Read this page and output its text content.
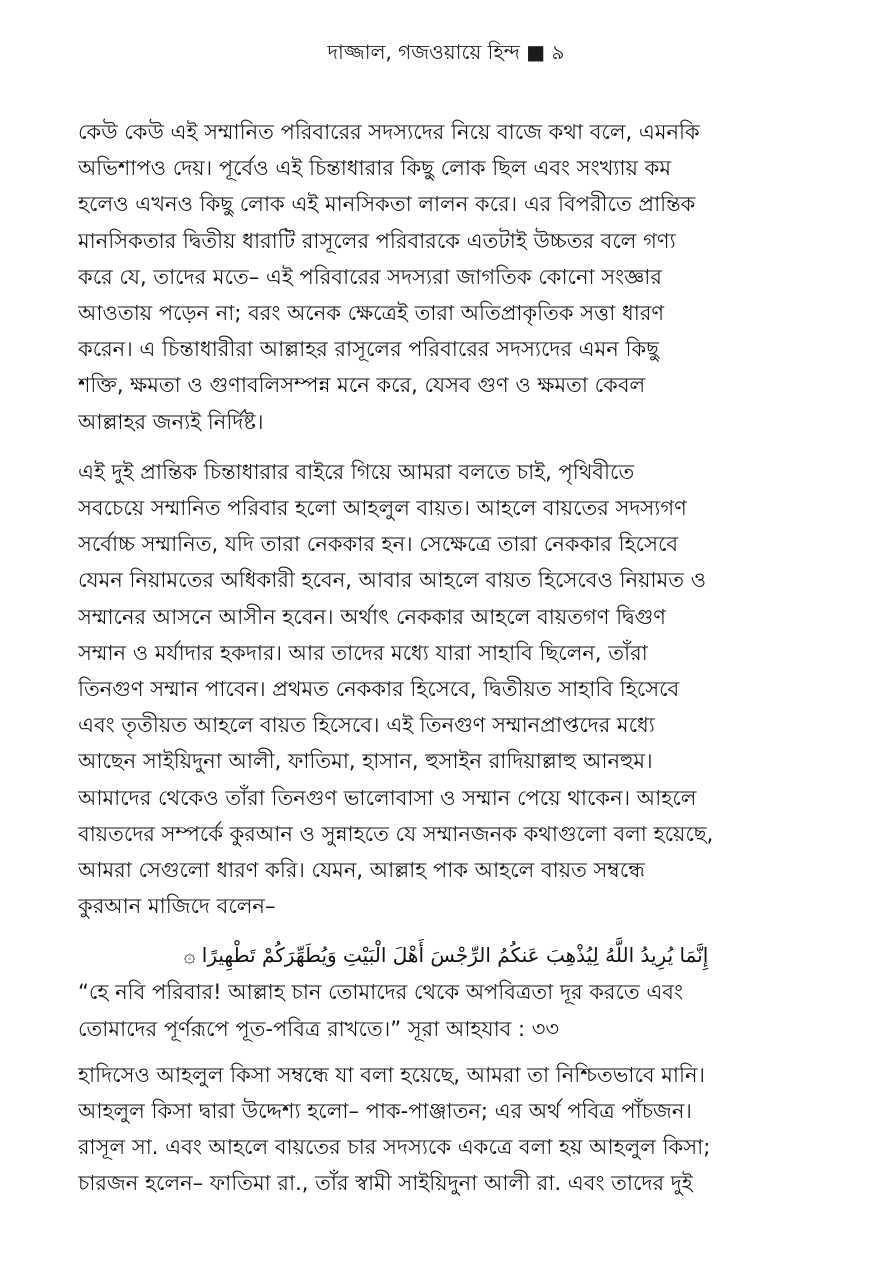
দাজ্জাল, গজওয়ায়ে হিন্দ ■ ৯
কেউ কেউ এই সম্মানিত পরিবারের সদস্যদের নিয়ে বাজে কথা বলে, এমনকি
অভিশাপও দেয়। পূর্বেও এই চিন্তাধারার কিছু লোক ছিল এবং সংখ্যায় কম
হলেও এখনও কিছু লোক এই মানসিকতা লালন করে। এর বিপরীতে প্রান্তিক
মানসিকতার দ্বিতীয় ধারাটি রাসূলের পরিবারকে এতটাই উচ্চতর বলে গণ্য
করে যে, তাদের মতে– এই পরিবারের সদস্যরা জাগতিক কোনো সংজ্ঞার
আওতায় পড়েন না; বরং অনেক ক্ষেত্রেই তারা অতিপ্রাকৃতিক সত্তা ধারণ
করেন। এ চিন্তাধারীরা আল্লাহর রাসূলের পরিবারের সদস্যদের এমন কিছু
শক্তি, ক্ষমতা ও গুণাবলিসম্পন্ন মনে করে, যেসব গুণ ও ক্ষমতা কেবল
আল্লাহর জন্যই নির্দিষ্ট।
এই দুই প্রান্তিক চিন্তাধারার বাইরে গিয়ে আমরা বলতে চাই, পৃথিবীতে
সবচেয়ে সম্মানিত পরিবার হলো আহলুল বায়ত। আহলে বায়তের সদস্যগণ
সর্বোচ্চ সম্মানিত, যদি তারা নেককার হন। সেক্ষেত্রে তারা নেককার হিসেবে
যেমন নিয়ামতের অধিকারী হবেন, আবার আহলে বায়ত হিসেবেও নিয়ামত ও
সম্মানের আসনে আসীন হবেন। অর্থাৎ নেককার আহলে বায়তগণ দ্বিগুণ
সম্মান ও মর্যাদার হকদার। আর তাদের মধ্যে যারা সাহাবি ছিলেন, তাঁরা
তিনগুণ সম্মান পাবেন। প্রথমত নেককার হিসেবে, দ্বিতীয়ত সাহাবি হিসেবে
এবং তৃতীয়ত আহলে বায়ত হিসেবে। এই তিনগুণ সম্মানপ্রাপ্তদের মধ্যে
আছেন সাইয়িদুনা আলী, ফাতিমা, হাসান, হুসাইন রাদিয়াল্লাহু আনহুম।
আমাদের থেকেও তাঁরা তিনগুণ ভালোবাসা ও সম্মান পেয়ে থাকেন। আহলে
বায়তদের সম্পর্কে কুরআন ও সুন্নাহতে যে সম্মানজনক কথাগুলো বলা হয়েছে,
আমরা সেগুলো ধারণ করি। যেমন, আল্লাহ পাক আহলে বায়ত সম্বন্ধে
কুরআন মাজিদে বলেন–
إِنَّمَا يُرِيدُ اللَّهُ لِيُذْهِبَ عَنكُمُ الرِّجْسَ أَهْلَ الْبَيْتِ وَيُطَهِّرَكُمْ تَطْهِيرًا ۞
“হে নবি পরিবার! আল্লাহ চান তোমাদের থেকে অপবিত্রতা দূর করতে এবং
তোমাদের পূর্ণরূপে পূত-পবিত্র রাখতে।” সূরা আহযাব : ৩৩
হাদিসেও আহলুল কিসা সম্বন্ধে যা বলা হয়েছে, আমরা তা নিশ্চিতভাবে মানি।
আহলুল কিসা দ্বারা উদ্দেশ্য হলো– পাক-পাঞ্জাতন; এর অর্থ পবিত্র পাঁচজন।
রাসূল সা. এবং আহলে বায়তের চার সদস্যকে একত্রে বলা হয় আহলুল কিসা;
চারজন হলেন– ফাতিমা রা., তাঁর স্বামী সাইয়িদুনা আলী রা. এবং তাদের দুই
